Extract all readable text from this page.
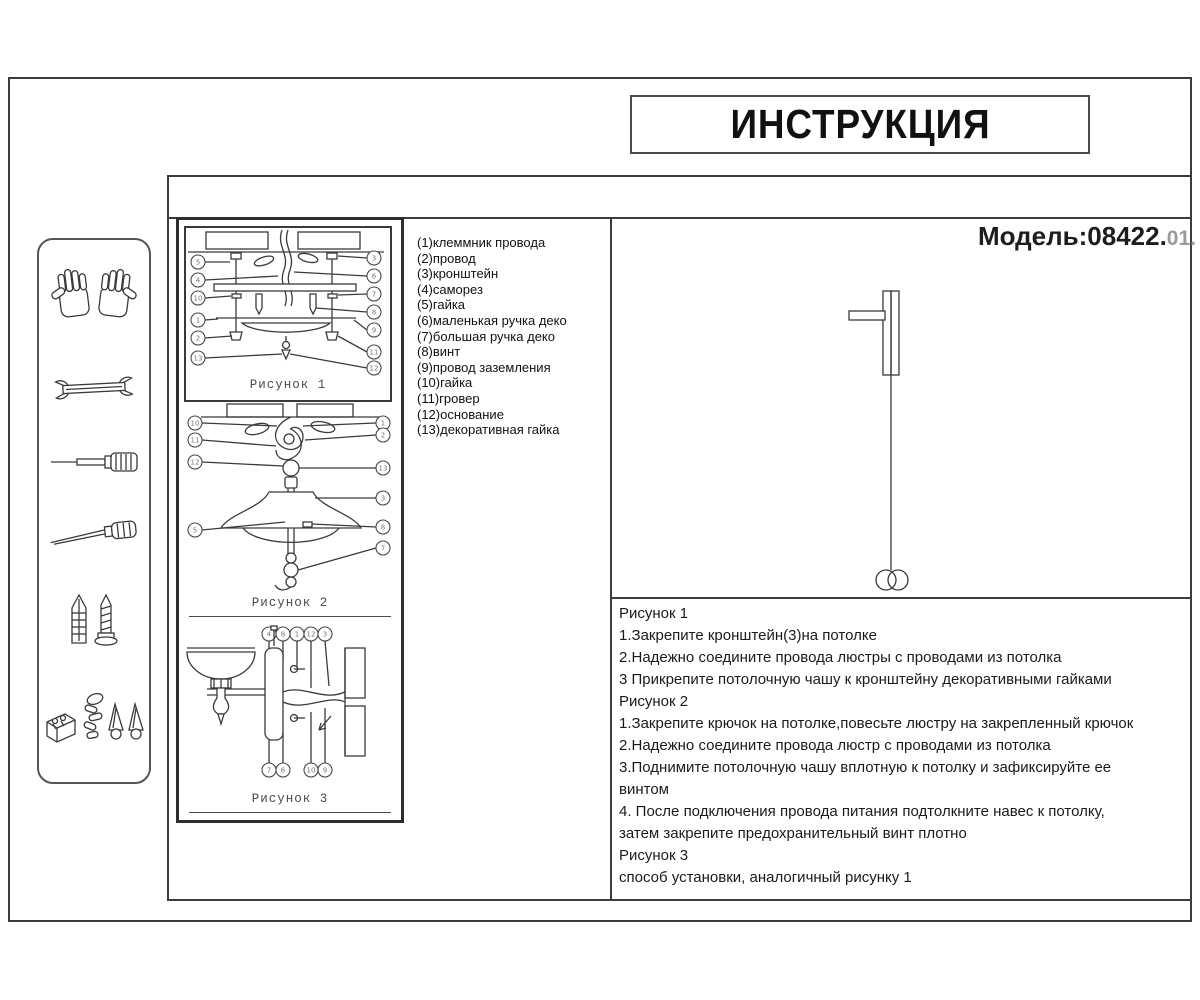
ИНСТРУКЦИЯ
5
4
10
1
2
13
3
6
7
8
9
11
12
Рисунок 1
10
11
12
5
1
2
13
3
8
7
Рисунок 2
4 8 1 12 3
7 6	10 9
Рисунок 3
(1)клеммник провода
(2)провод
(3)кронштейн
(4)саморез
(5)гайка
(6)маленькая ручка деко
(7)большая ручка деко
(8)винт
(9)провод заземления
(10)гайка
(11)гровер
(12)основание
(13)декоративная гайка
Модель:08422.01.
Рисунок 1
1.Закрепите кронштейн(3)на потолке
2.Надежно соедините провода люстры с проводами из потолка
3 Прикрепите потолочную чашу к кронштейну декоративными гайками
Рисунок 2
1.Закрепите крючок на потолке,повесьте люстру на закрепленный крючок
2.Надежно соедините провода люстр с проводами из потолка
3.Поднимите потолочную чашу вплотную к потолку и зафиксируйте ее
винтом
4. После подключения провода питания подтолкните навес к потолку,
затем закрепите предохранительный винт плотно
Рисунок 3
способ установки, аналогичный рисунку 1
